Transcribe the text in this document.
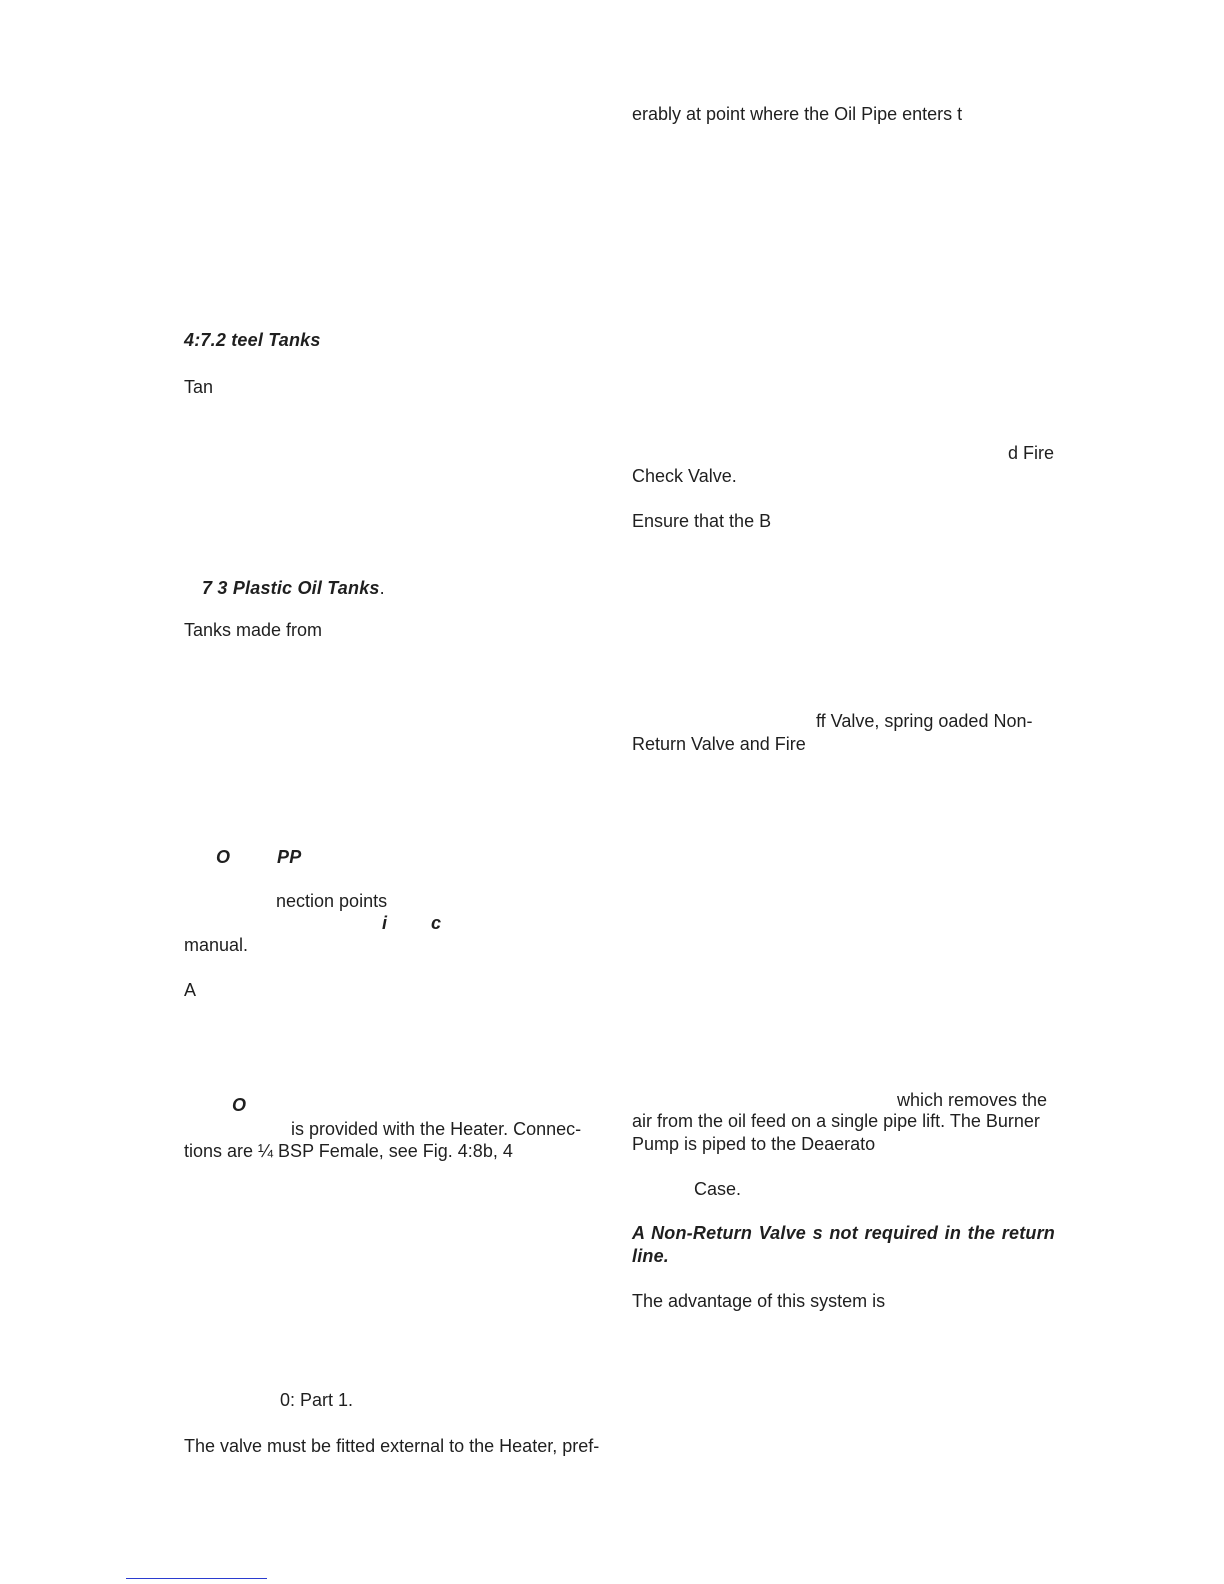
4:7.2 teel Tanks

Tan

7 3 Plastic Oil Tanks.

Tanks made from

O	PP

nection points

i c

manual.

A

O

is provided with the Heater. Connec-

tions are ¼ BSP Female, see Fig. 4:8b, 4

0: Part 1.

The valve must be fitted external to the Heater, pref-

erably at point where the Oil Pipe enters t

d Fire

Check Valve.

Ensure that the B

ff Valve, spring oaded Non-

Return Valve and Fire

which removes the

air from the oil feed on a single pipe lift. The Burner

Pump is piped to the Deaerato

Case.

A Non-Return Valve s not required in the return

line.

The advantage of this system is
